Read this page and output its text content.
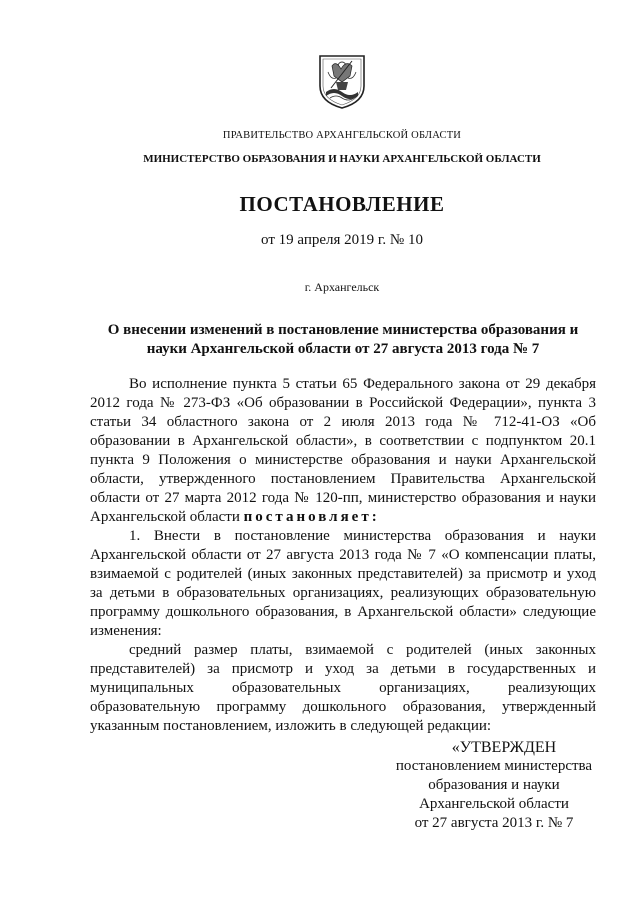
ПРАВИТЕЛЬСТВО АРХАНГЕЛЬСКОЙ ОБЛАСТИ
МИНИСТЕРСТВО ОБРАЗОВАНИЯ И НАУКИ АРХАНГЕЛЬСКОЙ ОБЛАСТИ
ПОСТАНОВЛЕНИЕ
от 19 апреля 2019 г. № 10
г. Архангельск
О внесении изменений в постановление министерства образования и науки Архангельской области от 27 августа 2013 года № 7

Во исполнение пункта 5 статьи 65 Федерального закона от 29 декабря 2012 года № 273-ФЗ «Об образовании в Российской Федерации», пункта 3 статьи 34 областного закона от 2 июля 2013 года № 712-41-ОЗ «Об образовании в Архангельской области», в соответствии с подпунктом 20.1 пункта 9 Положения о министерстве образования и науки Архангельской области, утвержденного постановлением Правительства Архангельской области от 27 марта 2012 года № 120-пп, министерство образования и науки Архангельской области постановляет:

1. Внести в постановление министерства образования и науки Архангельской области от 27 августа 2013 года № 7 «О компенсации платы, взимаемой с родителей (иных законных представителей) за присмотр и уход за детьми в образовательных организациях, реализующих образовательную программу дошкольного образования, в Архангельской области» следующие изменения:

средний размер платы, взимаемой с родителей (иных законных представителей) за присмотр и уход за детьми в государственных и муниципальных образовательных организациях, реализующих образовательную программу дошкольного образования, утвержденный указанным постановлением, изложить в следующей редакции:

«УТВЕРЖДЕН
постановлением министерства
образования и науки
Архангельской области
от 27 августа 2013 г. № 7
